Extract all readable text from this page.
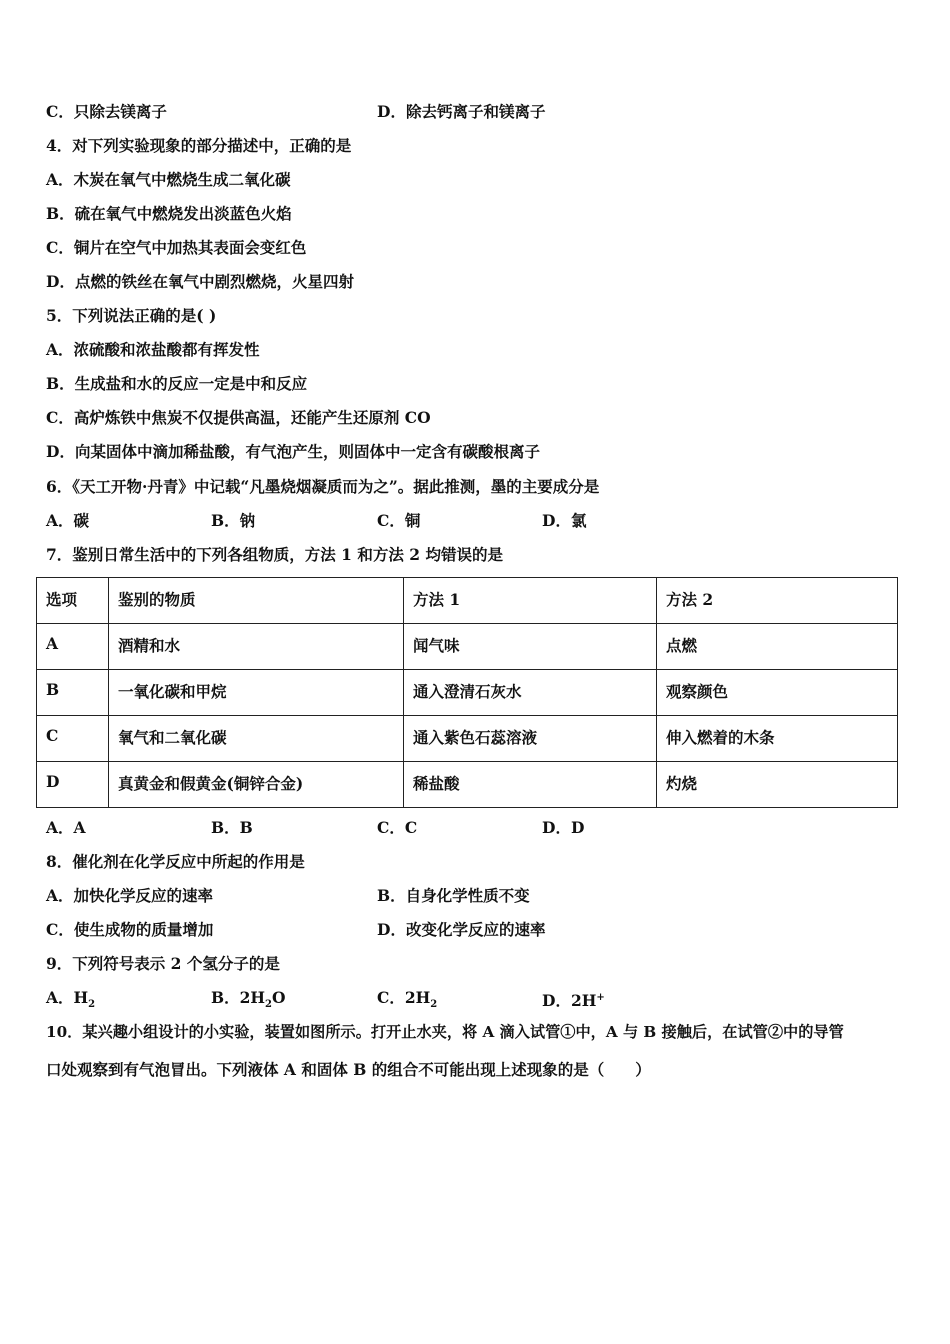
C．只除去镁离子	D．除去钙离子和镁离子
4．对下列实验现象的部分描述中，正确的是
A．木炭在氧气中燃烧生成二氧化碳
B．硫在氧气中燃烧发出淡蓝色火焰
C．铜片在空气中加热其表面会变红色
D．点燃的铁丝在氧气中剧烈燃烧，火星四射
5．下列说法正确的是( )
A．浓硫酸和浓盐酸都有挥发性
B．生成盐和水的反应一定是中和反应
C．高炉炼铁中焦炭不仅提供高温，还能产生还原剂 CO
D．向某固体中滴加稀盐酸，有气泡产生，则固体中一定含有碳酸根离子
6．《天工开物·丹青》中记载“凡墨烧烟凝质而为之”。据此推测，墨的主要成分是
A．碳	B．钠	C．铜	D．氯
7．鉴别日常生活中的下列各组物质，方法 1 和方法 2 均错误的是
选项	鉴别的物质	方法 1	方法 2
A	酒精和水	闻气味	点燃
B	一氧化碳和甲烷	通入澄清石灰水	观察颜色
C	氧气和二氧化碳	通入紫色石蕊溶液	伸入燃着的木条
D	真黄金和假黄金(铜锌合金)	稀盐酸	灼烧
A．A	B．B	C．C	D．D
8．催化剂在化学反应中所起的作用是
A．加快化学反应的速率	B．自身化学性质不变
C．使生成物的质量增加	D．改变化学反应的速率
9．下列符号表示 2 个氢分子的是
A．$H_2$	B．$2H_2O$	C．$2H_2$	D．2H+
10．某兴趣小组设计的小实验，装置如图所示。打开止水夹，将 A 滴入试管①中，A 与 B 接触后，在试管②中的导管
口处观察到有气泡冒出。下列液体 A 和固体 B 的组合不可能出现上述现象的是（　　）
